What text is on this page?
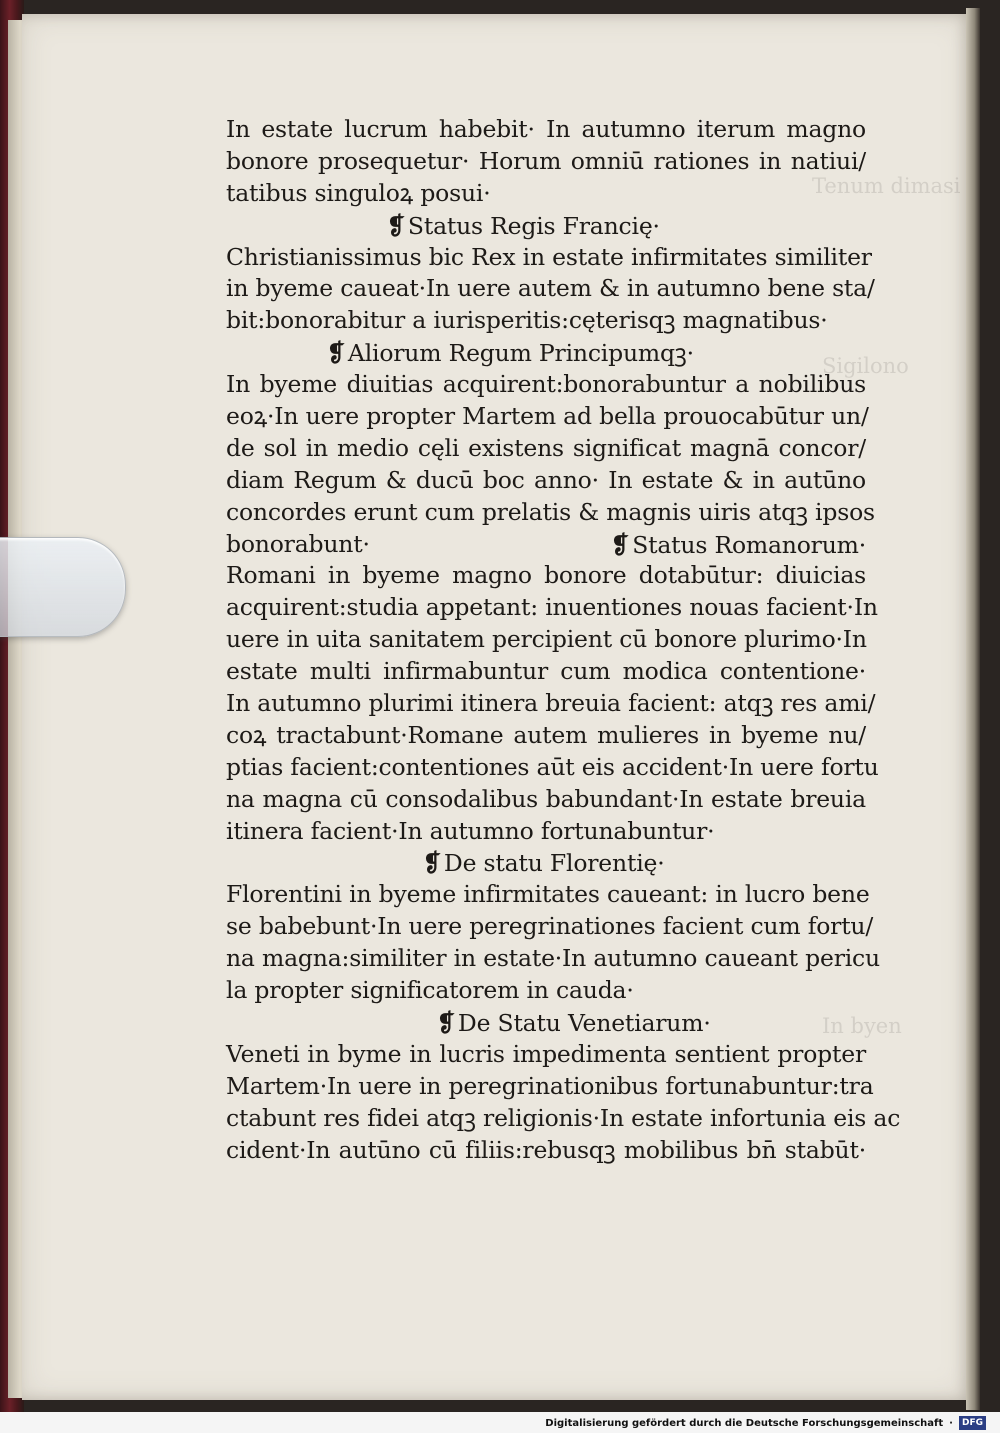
Tenum dimasi
Sigilono
In byen
In estate lucrum habebit· In autumno iterum magno
bonore prosequetur· Horum omniū rationes in natiui/
tatibus singuloꝝ posui·
❡ Status Regis Francię·
Christianissimus bic Rex in estate infirmitates similiter
in byeme caueat·In uere autem & in autumno bene sta/
bit:bonorabitur a iurisperitis:cęterisqꝫ magnatibus·
❡ Aliorum Regum Principumqꝫ·
In byeme diuitias acquirent:bonorabuntur a nobilibus
eoꝝ·In uere propter Martem ad bella prouocabūtur un/
de sol in medio cęli existens significat magnā concor/
diam Regum & ducū boc anno· In estate & in autūno
concordes erunt cum prelatis & magnis uiris atqꝫ ipsos
bonorabunt·	❡ Status Romanorum·
Romani in byeme magno bonore dotabūtur: diuicias
acquirent:studia appetant: inuentiones nouas facient·In
uere in uita sanitatem percipient cū bonore plurimo·In
estate multi infirmabuntur cum modica contentione·
In autumno plurimi itinera breuia facient: atqꝫ res ami/
coꝝ tractabunt·Romane autem mulieres in byeme nu/
ptias facient:contentiones aūt eis accident·In uere fortu
na magna cū consodalibus babundant·In estate breuia
itinera facient·In autumno fortunabuntur·
❡ De statu Florentię·
Florentini in byeme infirmitates caueant: in lucro bene
se babebunt·In uere peregrinationes facient cum fortu/
na magna:similiter in estate·In autumno caueant pericu
la propter significatorem in cauda·
❡ De Statu Venetiarum·
Veneti in byme in lucris impedimenta sentient propter
Martem·In uere in peregrinationibus fortunabuntur:tra
ctabunt res fidei atqꝫ religionis·In estate infortunia eis ac
cident·In autūno cū filiis:rebusqꝫ mobilibus bn̄ stabūt·
Digitalisierung gefördert durch die Deutsche Forschungsgemeinschaft ·	DFG
